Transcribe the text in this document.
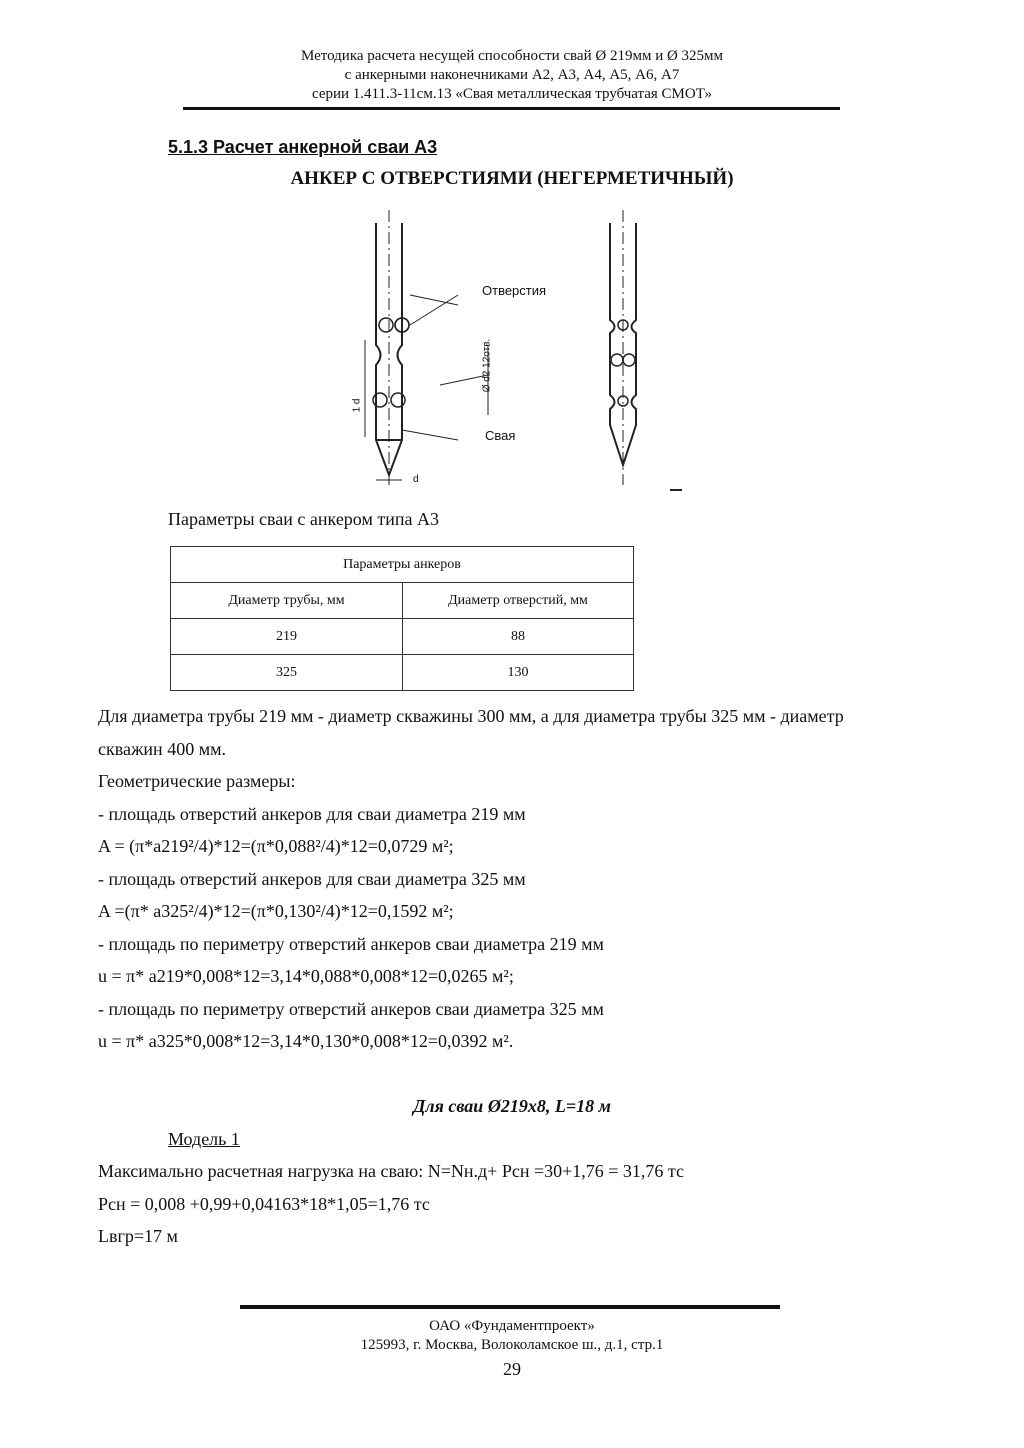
Методика расчета несущей способности свай Ø 219мм и Ø 325мм
с анкерными наконечниками А2, А3, А4, А5, А6, А7
серии 1.411.3-11см.13 «Свая металлическая трубчатая СМОТ»
5.1.3 Расчет анкерной сваи А3
АНКЕР С ОТВЕРСТИЯМИ (НЕГЕРМЕТИЧНЫЙ)
Отверстия
Свая
d
1 d
Ø d2 12отв.
Параметры сваи с анкером типа А3
Параметры анкеров	
Диаметр трубы, мм	Диаметр отверстий, мм
219	88
325	130
Для диаметра трубы 219 мм - диаметр скважины 300 мм, а для диаметра трубы 325 мм - диаметр
скважин 400 мм.
Геометрические размеры:
- площадь отверстий анкеров для сваи диаметра 219 мм
A = (π*a219²/4)*12=(π*0,088²/4)*12=0,0729 м²;
- площадь отверстий анкеров для сваи диаметра 325 мм
A =(π* a325²/4)*12=(π*0,130²/4)*12=0,1592 м²;
- площадь по периметру отверстий анкеров сваи диаметра 219 мм
u = π* a219*0,008*12=3,14*0,088*0,008*12=0,0265 м²;
- площадь по периметру отверстий анкеров сваи диаметра 325 мм
u = π* a325*0,008*12=3,14*0,130*0,008*12=0,0392 м².
Для сваи Ø219х8, L=18 м
Модель 1
Максимально расчетная нагрузка на сваю: N=Nн.д+ Pсн =30+1,76 = 31,76 тс
Pсн = 0,008 +0,99+0,04163*18*1,05=1,76 тс
Lвгр=17 м
ОАО «Фундаментпроект»
125993, г. Москва, Волоколамское ш., д.1, стр.1
29
